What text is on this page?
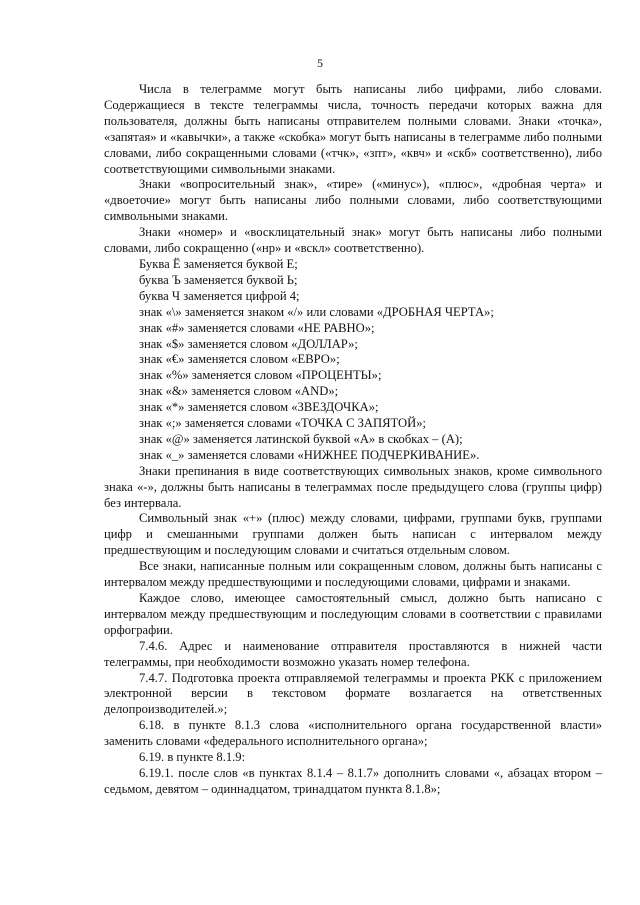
5

Числа в телеграмме могут быть написаны либо цифрами, либо словами. Содержащиеся в тексте телеграммы числа, точность передачи которых важна для пользователя, должны быть написаны отправителем полными словами. Знаки «точка», «запятая» и «кавычки», а также «скобка» могут быть написаны в телеграмме либо полными словами, либо сокращенными словами («тчк», «зпт», «квч» и «скб» соответственно), либо соответствующими символьными знаками.

Знаки «вопросительный знак», «тире» («минус»), «плюс», «дробная черта» и «двоеточие» могут быть написаны либо полными словами, либо соответствующими символьными знаками.

Знаки «номер» и «восклицательный знак» могут быть написаны либо полными словами, либо сокращенно («нр» и «вскл» соответственно).

Буква Ё заменяется буквой Е;

буква Ъ заменяется буквой Ь;

буква Ч заменяется цифрой 4;

знак «\» заменяется знаком «/» или словами «ДРОБНАЯ ЧЕРТА»;

знак «#» заменяется словами «НЕ РАВНО»;

знак «$» заменяется словом «ДОЛЛАР»;

знак «€» заменяется словом «ЕВРО»;

знак «%» заменяется словом «ПРОЦЕНТЫ»;

знак «&» заменяется словом «AND»;

знак «*» заменяется словом «ЗВЕЗДОЧКА»;

знак «;» заменяется словами «ТОЧКА С ЗАПЯТОЙ»;

знак «@» заменяется латинской буквой «А» в скобках – (А);

знак «_» заменяется словами «НИЖНЕЕ ПОДЧЕРКИВАНИЕ».

Знаки препинания в виде соответствующих символьных знаков, кроме символьного знака «-», должны быть написаны в телеграммах после предыдущего слова (группы цифр) без интервала.

Символьный знак «+» (плюс) между словами, цифрами, группами букв, группами цифр и смешанными группами должен быть написан с интервалом между предшествующим и последующим словами и считаться отдельным словом.

Все знаки, написанные полным или сокращенным словом, должны быть написаны с интервалом между предшествующими и последующими словами, цифрами и знаками.

Каждое слово, имеющее самостоятельный смысл, должно быть написано с интервалом между предшествующим и последующим словами в соответствии с правилами орфографии.

7.4.6. Адрес и наименование отправителя проставляются в нижней части телеграммы, при необходимости возможно указать номер телефона.

7.4.7. Подготовка проекта отправляемой телеграммы и проекта РКК с приложением электронной версии в текстовом формате возлагается на ответственных делопроизводителей.»;

6.18. в пункте 8.1.3 слова «исполнительного органа государственной власти» заменить словами «федерального исполнительного органа»;

6.19. в пункте 8.1.9:

6.19.1. после слов «в пунктах 8.1.4 – 8.1.7» дополнить словами «, абзацах втором – седьмом, девятом – одиннадцатом, тринадцатом пункта 8.1.8»;
